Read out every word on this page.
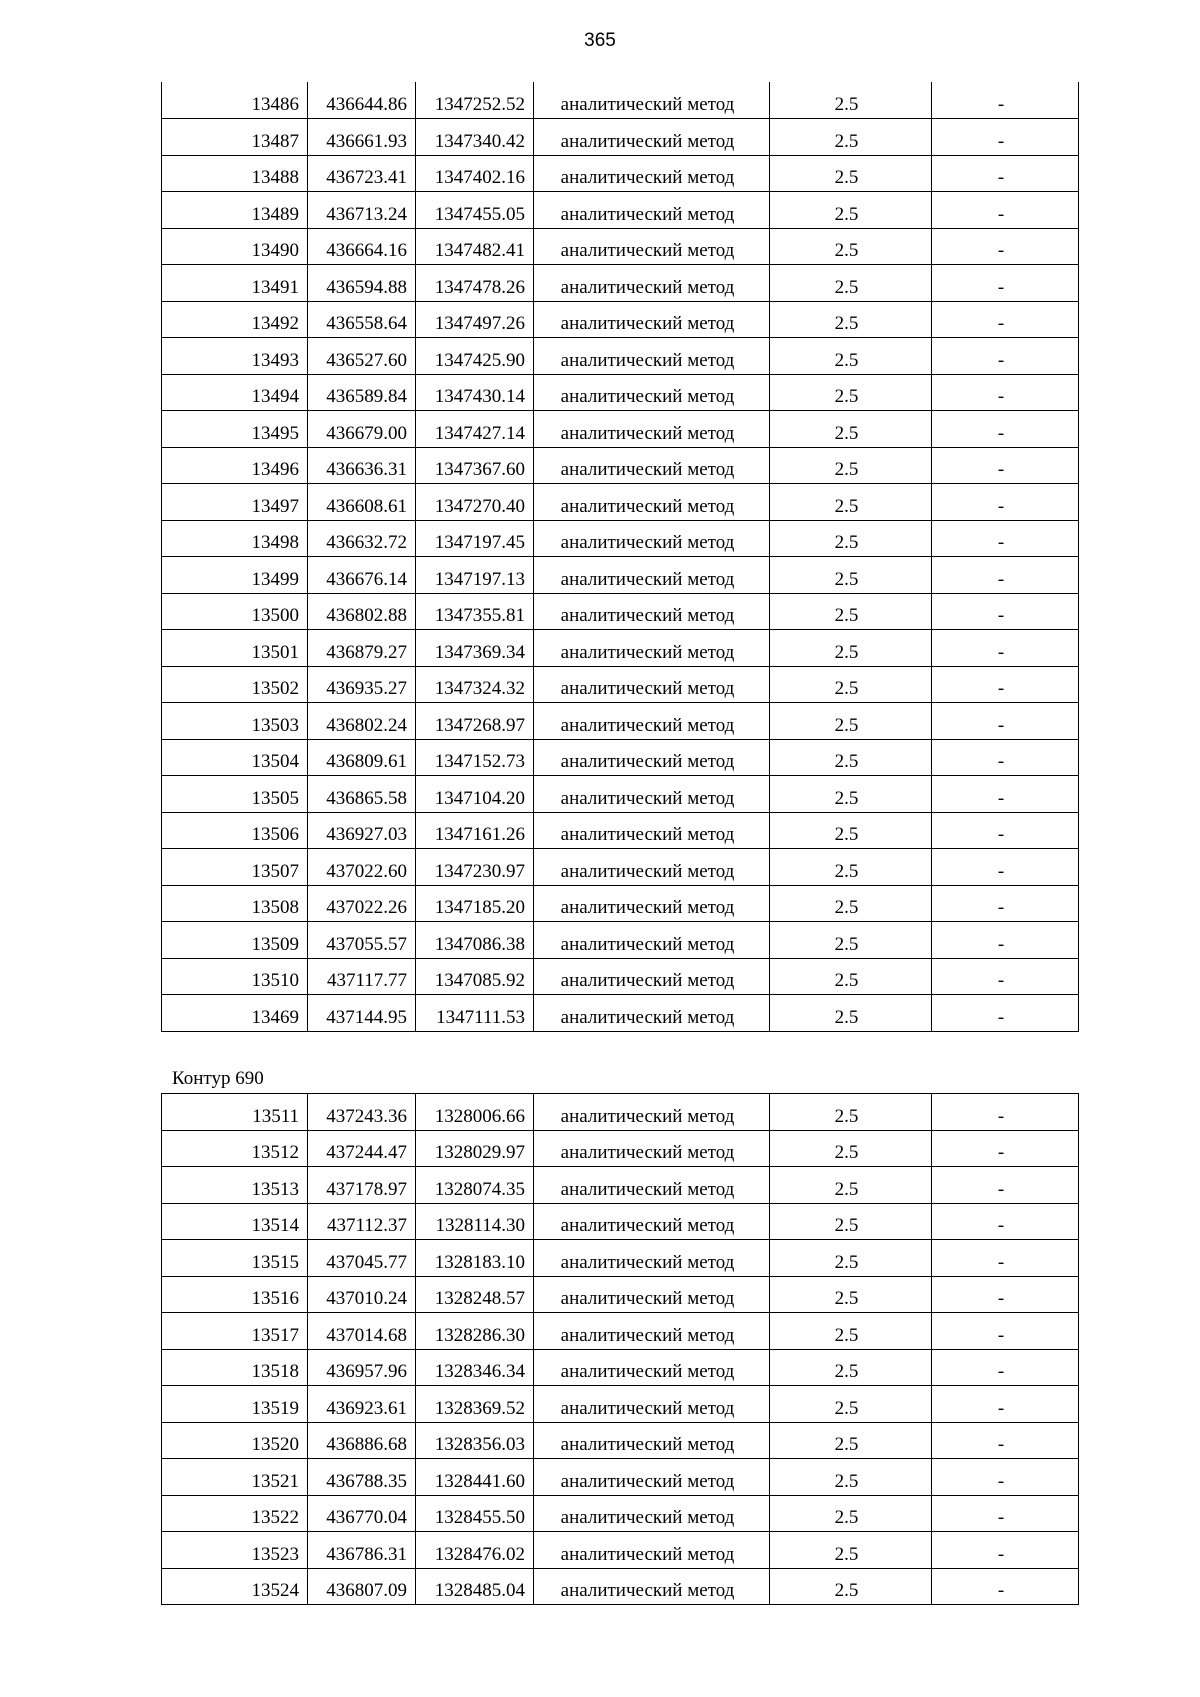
365
13486	436644.86	1347252.52	аналитический метод	2.5	-
13487	436661.93	1347340.42	аналитический метод	2.5	-
13488	436723.41	1347402.16	аналитический метод	2.5	-
13489	436713.24	1347455.05	аналитический метод	2.5	-
13490	436664.16	1347482.41	аналитический метод	2.5	-
13491	436594.88	1347478.26	аналитический метод	2.5	-
13492	436558.64	1347497.26	аналитический метод	2.5	-
13493	436527.60	1347425.90	аналитический метод	2.5	-
13494	436589.84	1347430.14	аналитический метод	2.5	-
13495	436679.00	1347427.14	аналитический метод	2.5	-
13496	436636.31	1347367.60	аналитический метод	2.5	-
13497	436608.61	1347270.40	аналитический метод	2.5	-
13498	436632.72	1347197.45	аналитический метод	2.5	-
13499	436676.14	1347197.13	аналитический метод	2.5	-
13500	436802.88	1347355.81	аналитический метод	2.5	-
13501	436879.27	1347369.34	аналитический метод	2.5	-
13502	436935.27	1347324.32	аналитический метод	2.5	-
13503	436802.24	1347268.97	аналитический метод	2.5	-
13504	436809.61	1347152.73	аналитический метод	2.5	-
13505	436865.58	1347104.20	аналитический метод	2.5	-
13506	436927.03	1347161.26	аналитический метод	2.5	-
13507	437022.60	1347230.97	аналитический метод	2.5	-
13508	437022.26	1347185.20	аналитический метод	2.5	-
13509	437055.57	1347086.38	аналитический метод	2.5	-
13510	437117.77	1347085.92	аналитический метод	2.5	-
13469	437144.95	1347111.53	аналитический метод	2.5	-
Контур 690
13511	437243.36	1328006.66	аналитический метод	2.5	-
13512	437244.47	1328029.97	аналитический метод	2.5	-
13513	437178.97	1328074.35	аналитический метод	2.5	-
13514	437112.37	1328114.30	аналитический метод	2.5	-
13515	437045.77	1328183.10	аналитический метод	2.5	-
13516	437010.24	1328248.57	аналитический метод	2.5	-
13517	437014.68	1328286.30	аналитический метод	2.5	-
13518	436957.96	1328346.34	аналитический метод	2.5	-
13519	436923.61	1328369.52	аналитический метод	2.5	-
13520	436886.68	1328356.03	аналитический метод	2.5	-
13521	436788.35	1328441.60	аналитический метод	2.5	-
13522	436770.04	1328455.50	аналитический метод	2.5	-
13523	436786.31	1328476.02	аналитический метод	2.5	-
13524	436807.09	1328485.04	аналитический метод	2.5	-
